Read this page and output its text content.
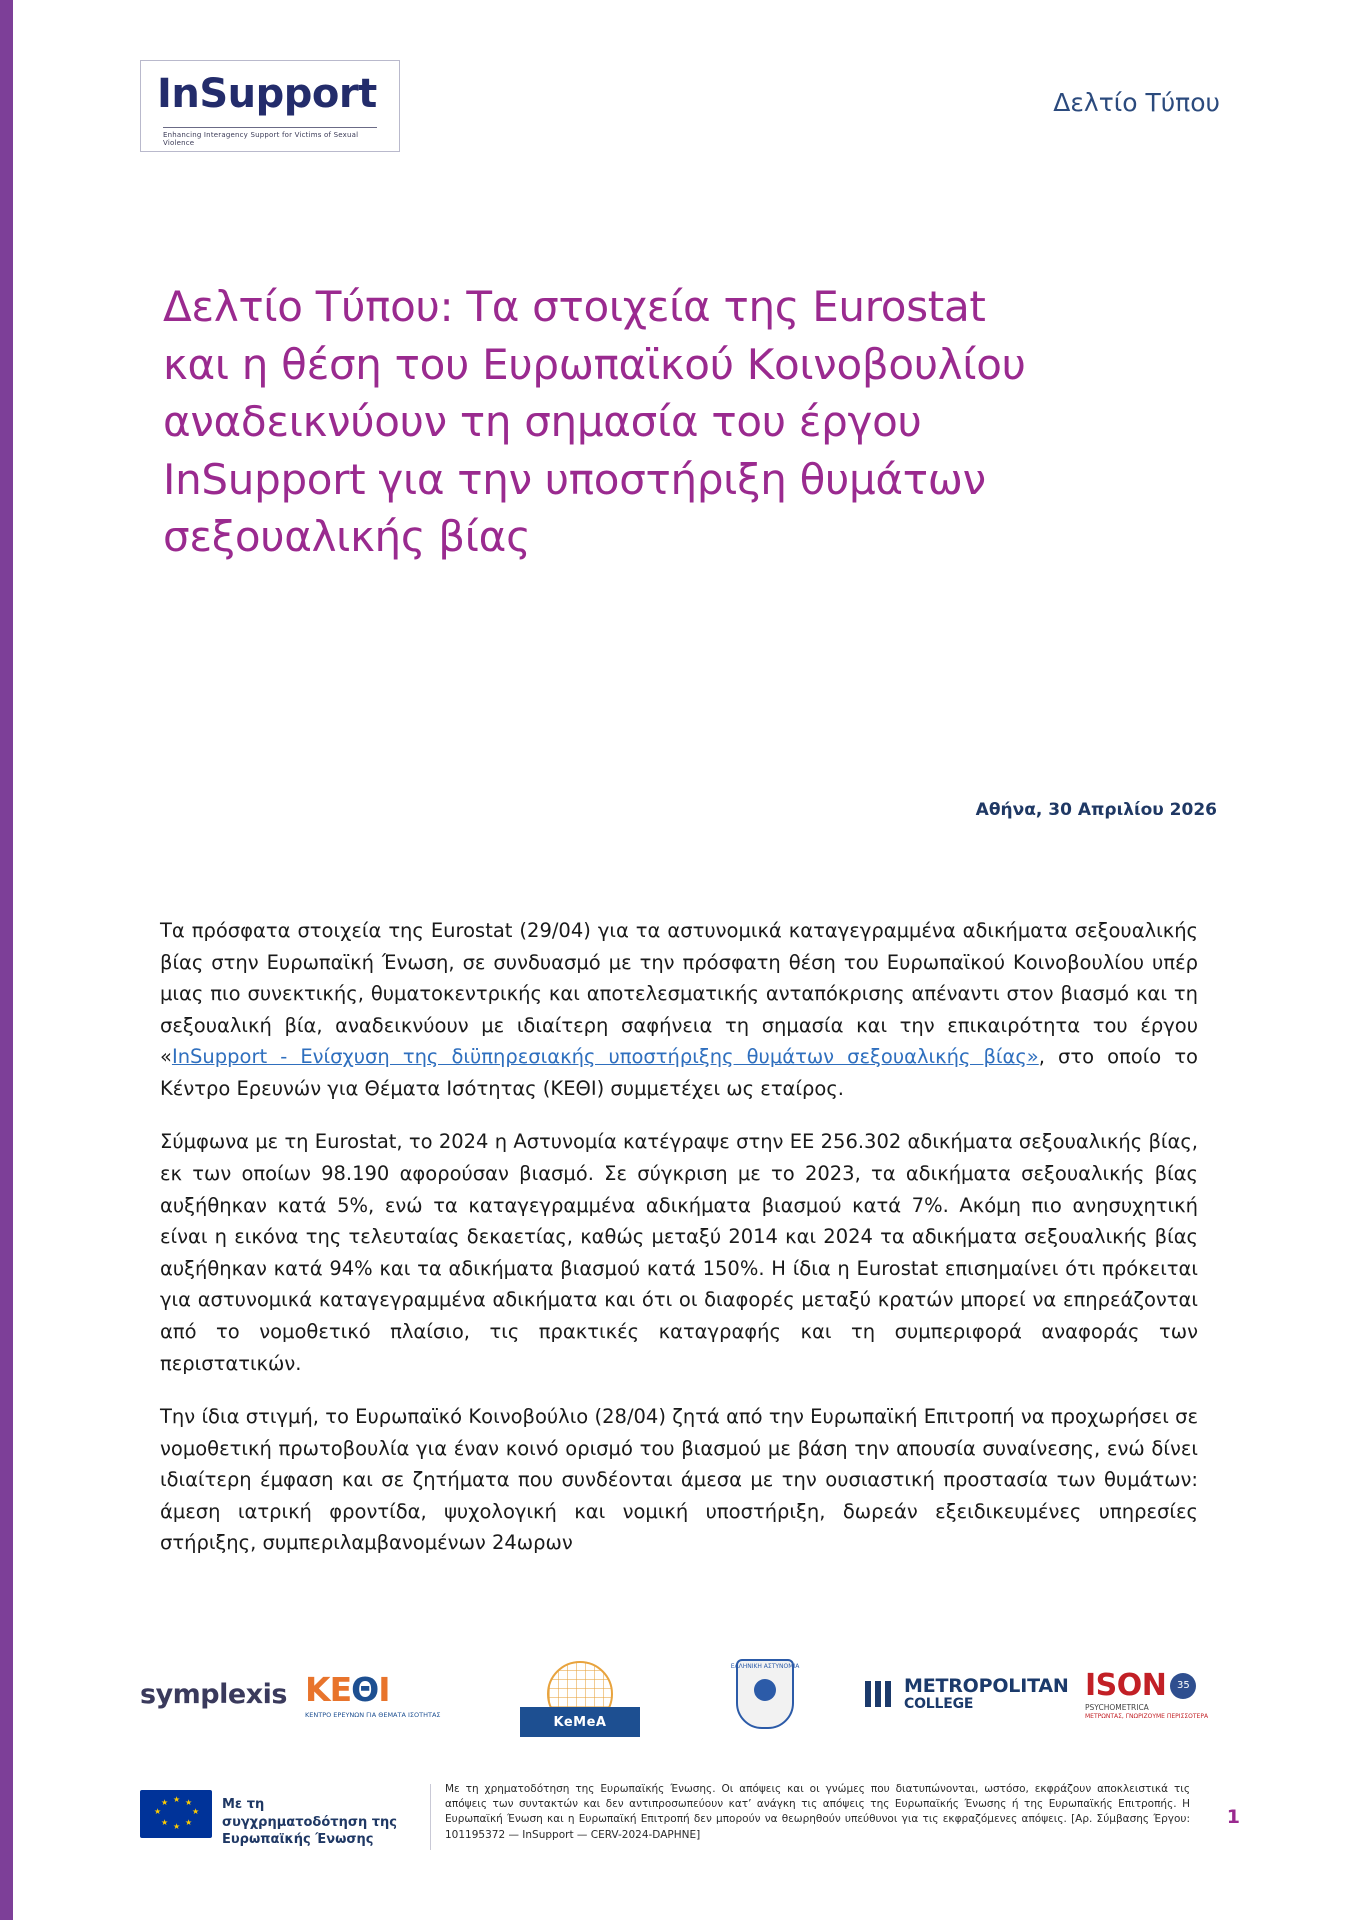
InSupport
Enhancing Interagency Support for Victims of Sexual Violence
Δελτίο Τύπου
Δελτίο Τύπου: Τα στοιχεία της Eurostat και η θέση του Ευρωπαϊκού Κοινοβουλίου αναδεικνύουν τη σημασία του έργου InSupport για την υποστήριξη θυμάτων σεξουαλικής βίας
Αθήνα, 30 Απριλίου 2026

Τα πρόσφατα στοιχεία της Eurostat (29/04) για τα αστυνομικά καταγεγραμμένα αδικήματα σεξουαλικής βίας στην Ευρωπαϊκή Ένωση, σε συνδυασμό με την πρόσφατη θέση του Ευρωπαϊκού Κοινοβουλίου υπέρ μιας πιο συνεκτικής, θυματοκεντρικής και αποτελεσματικής ανταπόκρισης απέναντι στον βιασμό και τη σεξουαλική βία, αναδεικνύουν με ιδιαίτερη σαφήνεια τη σημασία και την επικαιρότητα του έργου «InSupport - Ενίσχυση της διϋπηρεσιακής υποστήριξης θυμάτων σεξουαλικής βίας», στο οποίο το Κέντρο Ερευνών για Θέματα Ισότητας (ΚΕΘΙ) συμμετέχει ως εταίρος.

Σύμφωνα με τη Eurostat, το 2024 η Αστυνομία κατέγραψε στην ΕΕ 256.302 αδικήματα σεξουαλικής βίας, εκ των οποίων 98.190 αφορούσαν βιασμό. Σε σύγκριση με το 2023, τα αδικήματα σεξουαλικής βίας αυξήθηκαν κατά 5%, ενώ τα καταγεγραμμένα αδικήματα βιασμού κατά 7%. Ακόμη πιο ανησυχητική είναι η εικόνα της τελευταίας δεκαετίας, καθώς μεταξύ 2014 και 2024 τα αδικήματα σεξουαλικής βίας αυξήθηκαν κατά 94% και τα αδικήματα βιασμού κατά 150%. Η ίδια η Eurostat επισημαίνει ότι πρόκειται για αστυνομικά καταγεγραμμένα αδικήματα και ότι οι διαφορές μεταξύ κρατών μπορεί να επηρεάζονται από το νομοθετικό πλαίσιο, τις πρακτικές καταγραφής και τη συμπεριφορά αναφοράς των περιστατικών.

Την ίδια στιγμή, το Ευρωπαϊκό Κοινοβούλιο (28/04) ζητά από την Ευρωπαϊκή Επιτροπή να προχωρήσει σε νομοθετική πρωτοβουλία για έναν κοινό ορισμό του βιασμού με βάση την απουσία συναίνεσης, ενώ δίνει ιδιαίτερη έμφαση και σε ζητήματα που συνδέονται άμεσα με την ουσιαστική προστασία των θυμάτων: άμεση ιατρική φροντίδα, ψυχολογική και νομική υποστήριξη, δωρεάν εξειδικευμένες υπηρεσίες στήριξης, συμπεριλαμβανομένων 24ωρων

symplexis KEΘI
ΚΕΝΤΡΟ ΕΡΕΥΝΩΝ ΓΙΑ ΘΕΜΑΤΑ ΙΣΟΤΗΤΑΣ	KeMeA
ΕΛΛΗΝΙΚΗ ΑΣΤΥΝΟΜΙΑ
METROPOLITAN
COLLEGE
ISON	35
PSYCHOMETRICA
ΜΕΤΡΩΝΤΑΣ, ΓΝΩΡΙΖΟΥΜΕ ΠΕΡΙΣΣΟΤΕΡΑ
★ ★
★
★
★
★
★
★	Με τη συγχρηματοδότηση της Ευρωπαϊκής Ένωσης
Με τη χρηματοδότηση της Ευρωπαϊκής Ένωσης. Οι απόψεις και οι γνώμες που διατυπώνονται, ωστόσο, εκφράζουν αποκλειστικά τις απόψεις των συντακτών και δεν αντιπροσωπεύουν κατ’ ανάγκη τις απόψεις της Ευρωπαϊκής Ένωσης ή της Ευρωπαϊκής Επιτροπής. Η Ευρωπαϊκή Ένωση και η Ευρωπαϊκή Επιτροπή δεν μπορούν να θεωρηθούν υπεύθυνοι για τις εκφραζόμενες απόψεις. [Αρ. Σύμβασης Έργου: 101195372 — InSupport — CERV-2024-DAPHNE]
1
